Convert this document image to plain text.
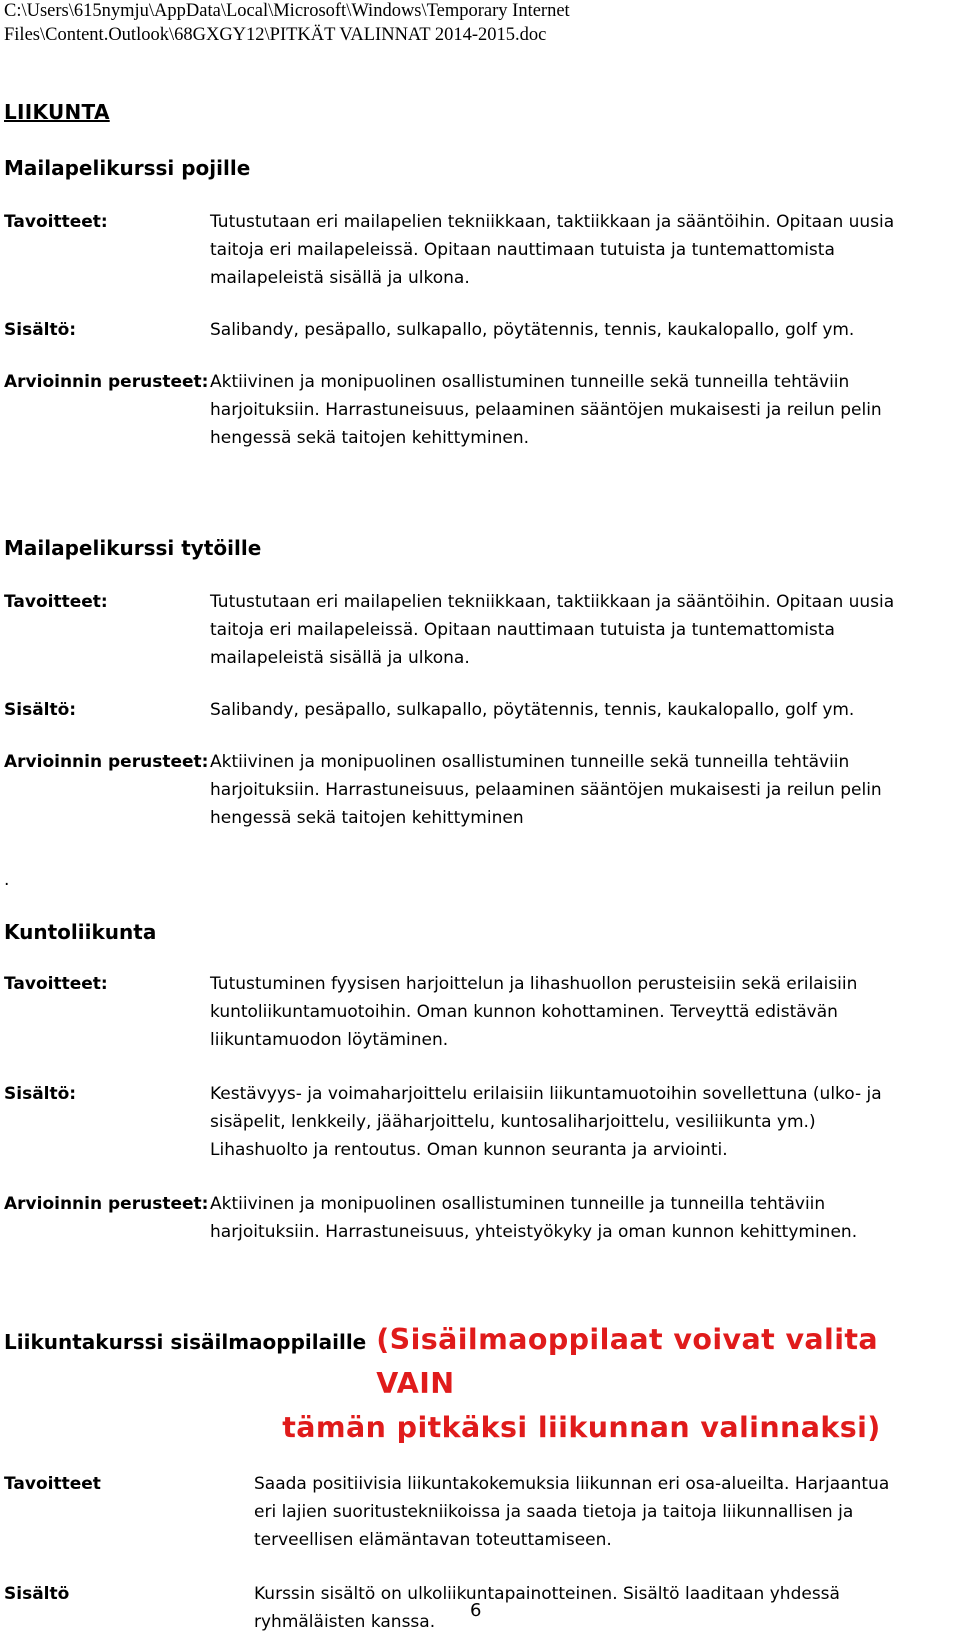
C:\Users\615nymju\AppData\Local\Microsoft\Windows\Temporary Internet
Files\Content.Outlook\68GXGY12\PITKÄT VALINNAT 2014-2015.doc
LIIKUNTA
Mailapelikurssi pojille
Tavoitteet:	Tutustutaan eri mailapelien tekniikkaan, taktiikkaan ja sääntöihin. Opitaan uusia
taitoja eri mailapeleissä. Opitaan nauttimaan tutuista ja tuntemattomista
mailapeleistä sisällä ja ulkona.
Sisältö:	Salibandy, pesäpallo, sulkapallo, pöytätennis, tennis, kaukalopallo, golf ym.
Arvioinnin perusteet: Aktiivinen ja monipuolinen osallistuminen tunneille sekä tunneilla tehtäviin
harjoituksiin. Harrastuneisuus, pelaaminen sääntöjen mukaisesti ja reilun pelin
hengessä sekä taitojen kehittyminen.
Mailapelikurssi tytöille
Tavoitteet:	Tutustutaan eri mailapelien tekniikkaan, taktiikkaan ja sääntöihin. Opitaan uusia
taitoja eri mailapeleissä. Opitaan nauttimaan tutuista ja tuntemattomista
mailapeleistä sisällä ja ulkona.
Sisältö:	Salibandy, pesäpallo, sulkapallo, pöytätennis, tennis, kaukalopallo, golf ym.
Arvioinnin perusteet: Aktiivinen ja monipuolinen osallistuminen tunneille sekä tunneilla tehtäviin
harjoituksiin. Harrastuneisuus, pelaaminen sääntöjen mukaisesti ja reilun pelin
hengessä sekä taitojen kehittyminen
.
Kuntoliikunta
Tavoitteet:	Tutustuminen fyysisen harjoittelun ja lihashuollon perusteisiin sekä erilaisiin
kuntoliikuntamuotoihin. Oman kunnon kohottaminen. Terveyttä edistävän
liikuntamuodon löytäminen.
Sisältö:	Kestävyys- ja voimaharjoittelu erilaisiin liikuntamuotoihin sovellettuna (ulko- ja
sisäpelit, lenkkeily, jääharjoittelu, kuntosaliharjoittelu, vesiliikunta ym.)
Lihashuolto ja rentoutus. Oman kunnon seuranta ja arviointi.
Arvioinnin perusteet: Aktiivinen ja monipuolinen osallistuminen tunneille ja tunneilla tehtäviin
harjoituksiin. Harrastuneisuus, yhteistyökyky ja oman kunnon kehittyminen.
Liikuntakurssi sisäilmaoppilaille (Sisäilmaoppilaat voivat valita VAIN
tämän pitkäksi liikunnan valinnaksi)
Tavoitteet	Saada positiivisia liikuntakokemuksia liikunnan eri osa-alueilta. Harjaantua
eri lajien suoritustekniikoissa ja saada tietoja ja taitoja liikunnallisen ja
terveellisen elämäntavan toteuttamiseen.
Sisältö	Kurssin sisältö on ulkoliikuntapainotteinen. Sisältö laaditaan yhdessä
ryhmäläisten kanssa.
6
